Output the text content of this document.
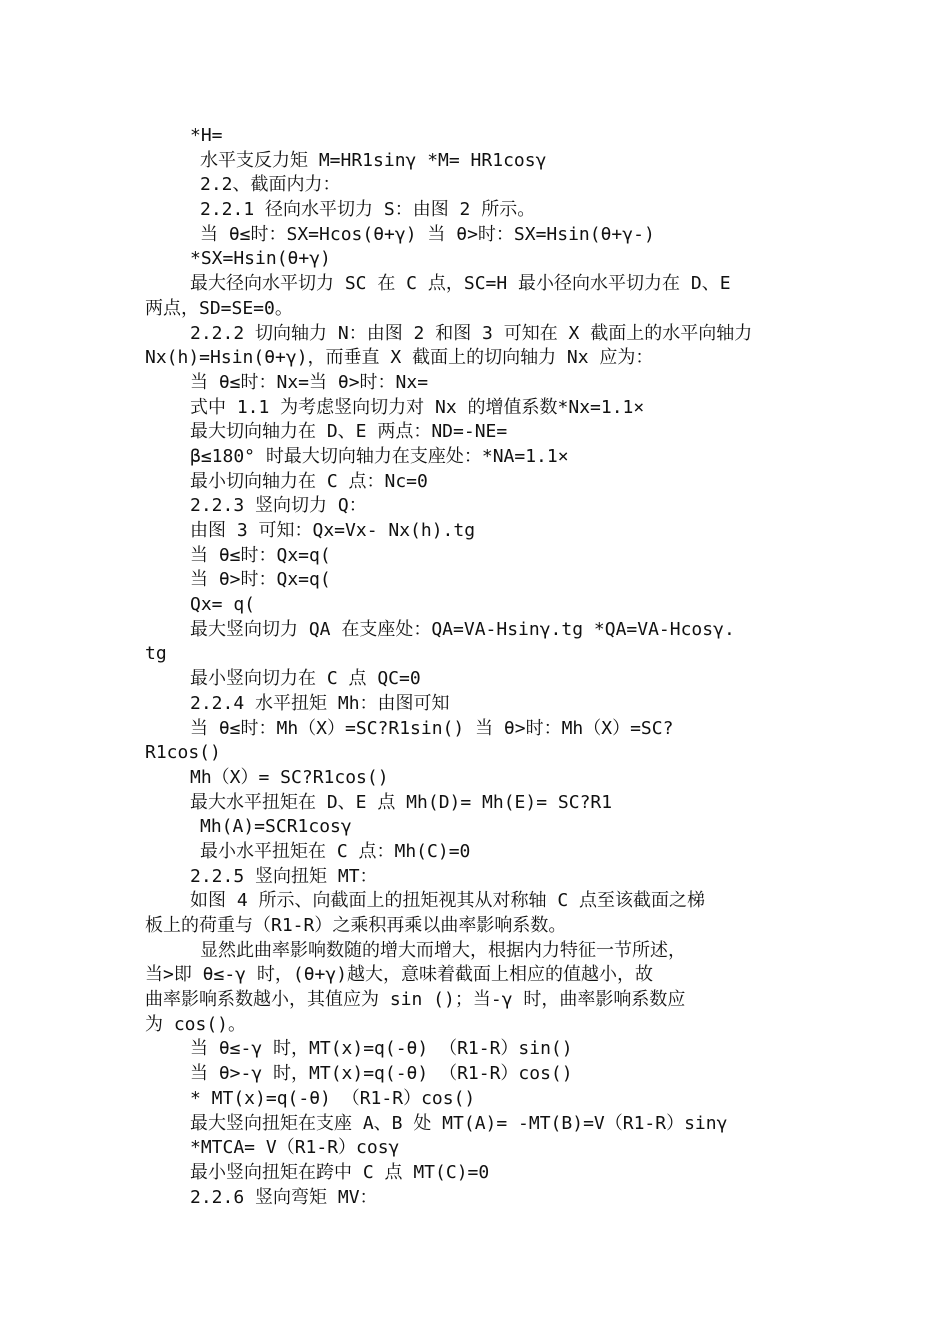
*H=
水平支反力矩 M=HR1sinγ *M= HR1cosγ
2.2、截面内力：
2.2.1 径向水平切力 S：由图 2 所示。
当 θ≤时：SX=Hcos(θ+γ) 当 θ>时：SX=Hsin(θ+γ-)
*SX=Hsin(θ+γ)
最大径向水平切力 SC 在 C 点，SC=H 最小径向水平切力在 D、E
两点，SD=SE=0。
2.2.2 切向轴力 N：由图 2 和图 3 可知在 X 截面上的水平向轴力
Nx(h)=Hsin(θ+γ)，而垂直 X 截面上的切向轴力 Nx 应为：
当 θ≤时：Nx=当 θ>时：Nx=
式中 1.1 为考虑竖向切力对 Nx 的增值系数*Nx=1.1×
最大切向轴力在 D、E 两点：ND=-NE=
β≤180° 时最大切向轴力在支座处：*NA=1.1×
最小切向轴力在 C 点：Nc=0
2.2.3 竖向切力 Q：
由图 3 可知：Qx=Vx- Nx(h).tg
当 θ≤时：Qx=q(
当 θ>时：Qx=q(
Qx= q(
最大竖向切力 QA 在支座处：QA=VA-Hsinγ.tg *QA=VA-Hcosγ.
tg
最小竖向切力在 C 点 QC=0
2.2.4 水平扭矩 Mh：由图可知
当 θ≤时：Mh（X）=SC?R1sin() 当 θ>时：Mh（X）=SC?
R1cos()
Mh（X）= SC?R1cos()
最大水平扭矩在 D、E 点 Mh(D)= Mh(E)= SC?R1
Mh(A)=SCR1cosγ
最小水平扭矩在 C 点：Mh(C)=0
2.2.5 竖向扭矩 MT：
如图 4 所示、向截面上的扭矩视其从对称轴 C 点至该截面之梯
板上的荷重与（R1-R）之乘积再乘以曲率影响系数。
显然此曲率影响数随的增大而增大，根据内力特征一节所述，
当>即 θ≤-γ 时，(θ+γ)越大，意味着截面上相应的值越小，故
曲率影响系数越小，其值应为 sin ()；当-γ 时，曲率影响系数应
为 cos()。
当 θ≤-γ 时，MT(x)=q(-θ) （R1-R）sin()
当 θ>-γ 时，MT(x)=q(-θ) （R1-R）cos()
* MT(x)=q(-θ) （R1-R）cos()
最大竖向扭矩在支座 A、B 处 MT(A)= -MT(B)=V（R1-R）sinγ
*MTCA= V（R1-R）cosγ
最小竖向扭矩在跨中 C 点 MT(C)=0
2.2.6 竖向弯矩 MV：
